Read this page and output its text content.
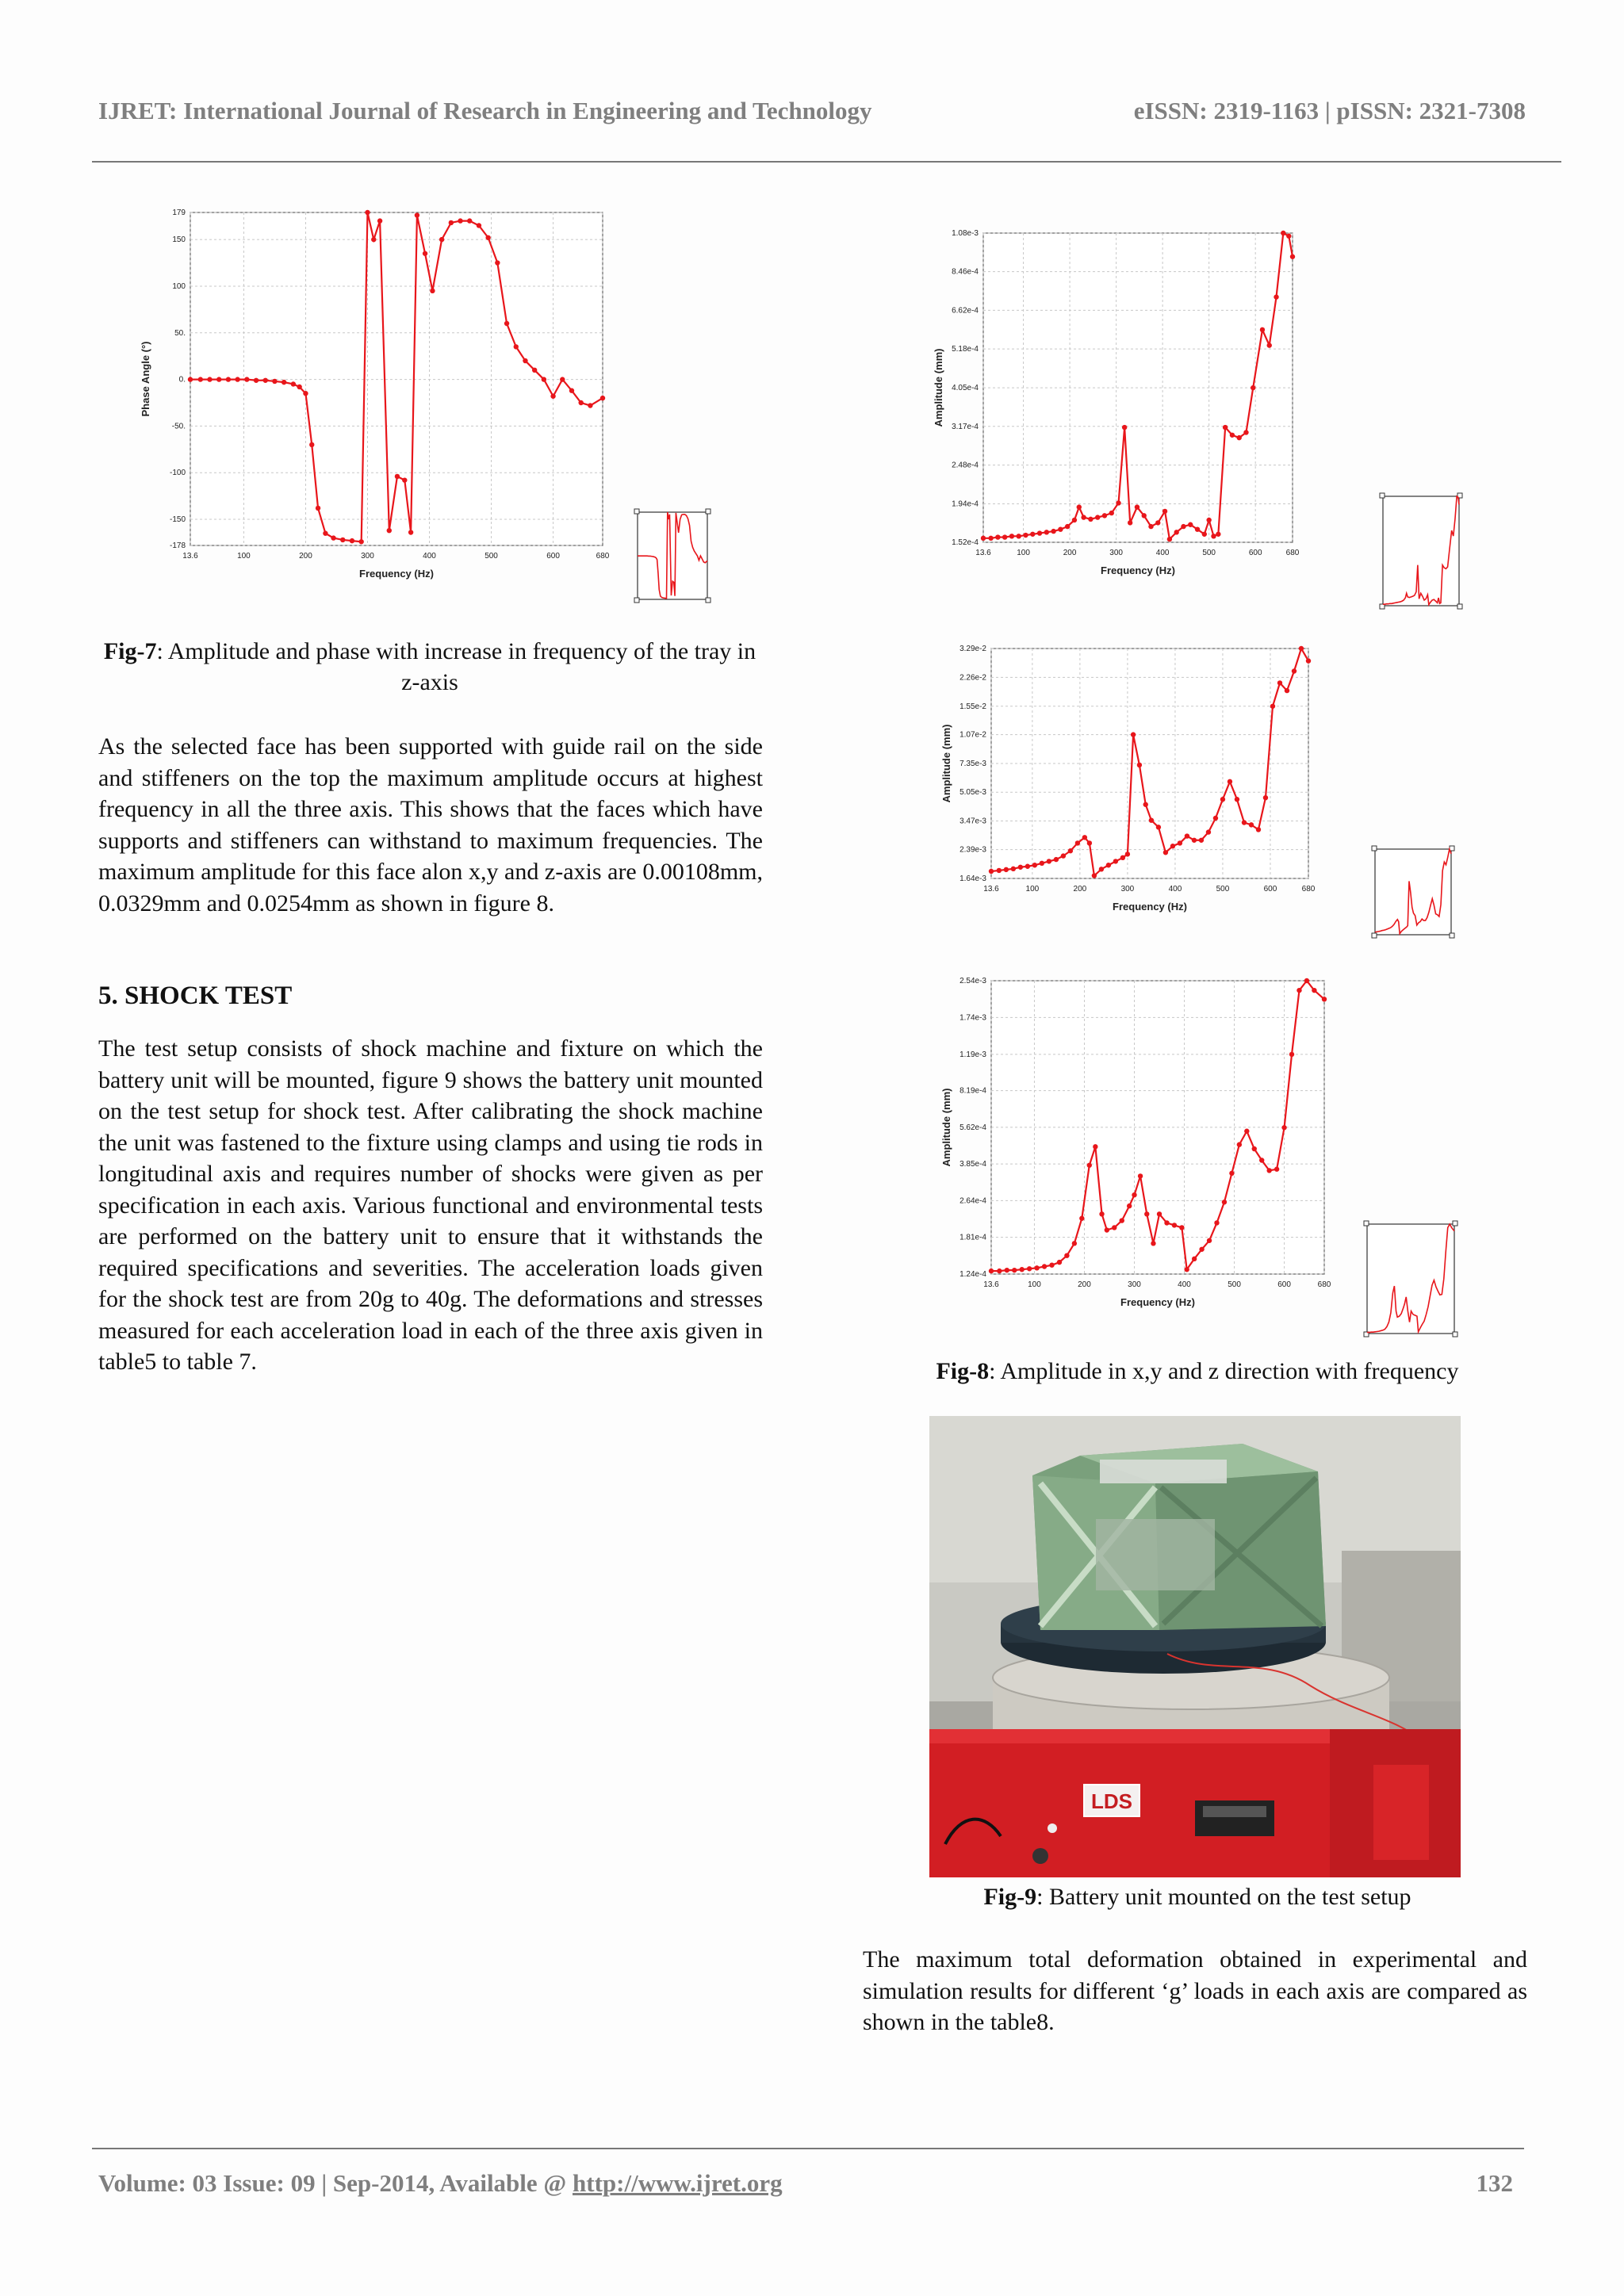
IJRET: International Journal of Research in Engineering and Technology	eISSN: 2319-1163 | pISSN: 2321-7308
179
150
100
50.
0.
-50.
-100
-150
-178
13.6	100	200	300	400	500	600	680
Frequency (Hz)
Phase Angle (°)
Fig-7: Amplitude and phase with increase in frequency of the tray in z-axis
As the selected face has been supported with guide rail on the side and stiffeners on the top the maximum amplitude occurs at highest frequency in all the three axis. This shows that the faces which have supports and stiffeners can withstand to maximum frequencies. The maximum amplitude for this face alon x,y and z-axis are 0.00108mm, 0.0329mm and 0.0254mm as shown in figure 8.
5. SHOCK TEST
The test setup consists of shock machine and fixture on which the battery unit will be mounted, figure 9 shows the battery unit mounted on the test setup for shock test. After calibrating the shock machine the unit was fastened to the fixture using clamps and using tie rods in longitudinal axis and requires number of shocks were given as per specification in each axis. Various functional and environmental tests are performed on the battery unit to ensure that it withstands the required specifications and severities. The acceleration loads given for the shock test are from 20g to 40g. The deformations and stresses measured for each acceleration load in each of the three axis given in table5 to table 7.
1.52e-4
1.94e-4
2.48e-4
3.17e-4
4.05e-4
5.18e-4
6.62e-4
8.46e-4
1.08e-3
13.6	100	200	300	400	500	600	680
Frequency (Hz)
Amplitude (mm)
1.64e-3
2.39e-3
3.47e-3
5.05e-3
7.35e-3
1.07e-2
1.55e-2
2.26e-2
3.29e-2
13.6	100	200	300	400	500	600	680
Frequency (Hz)
Amplitude (mm)
1.24e-4
1.81e-4
2.64e-4
3.85e-4
5.62e-4
8.19e-4
1.19e-3
1.74e-3
2.54e-3
13.6	100	200	300	400	500	600	680
Frequency (Hz)
Amplitude (mm)
Fig-8: Amplitude in x,y and z direction with frequency
LDS
Fig-9: Battery unit mounted on the test setup
The maximum total deformation obtained in experimental and simulation results for different ‘g’ loads in each axis are compared as shown in the table8.
Volume: 03 Issue: 09 | Sep-2014, Available @ http://www.ijret.org	132
